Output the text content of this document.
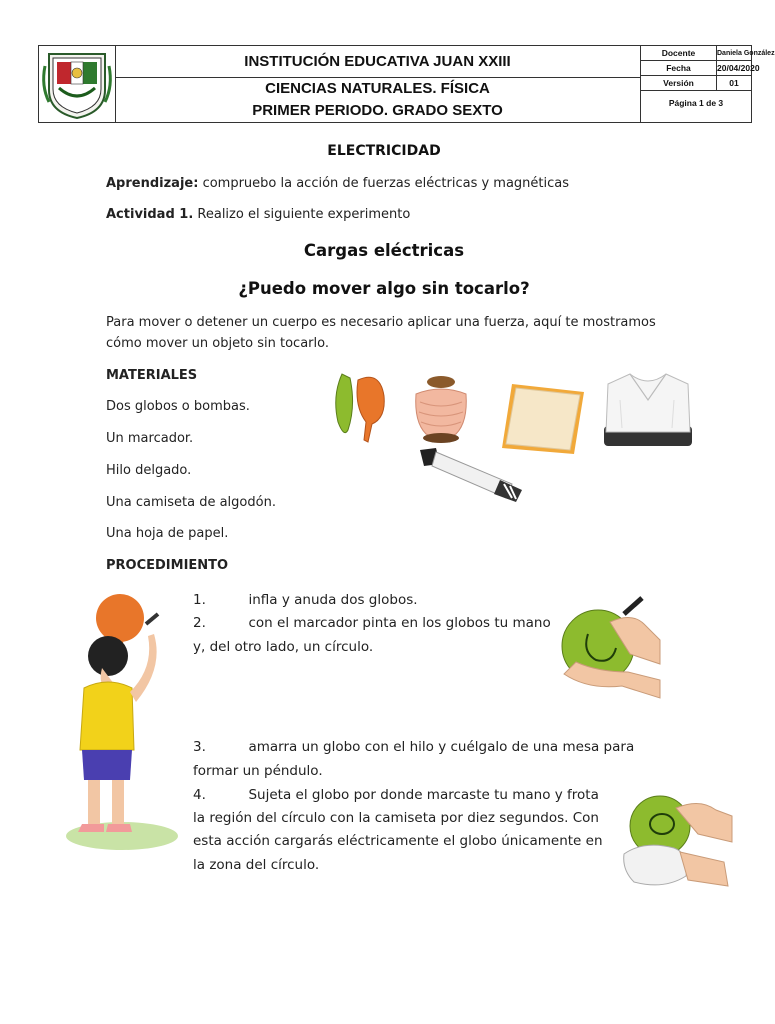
INSTITUCIÓN EDUCATIVA JUAN XXIII
CIENCIAS NATURALES. FÍSICA
PRIMER PERIODO. GRADO SEXTO
Docente	Daniela González
Fecha	20/04/2020
Versión	01
Página 1 de 3
ELECTRICIDAD
Aprendizaje: compruebo la acción de fuerzas eléctricas y magnéticas
Actividad 1. Realizo el siguiente experimento
Cargas eléctricas
¿Puedo mover algo sin tocarlo?
Para mover o detener un cuerpo es necesario aplicar una fuerza, aquí te mostramos
cómo mover un objeto sin tocarlo.
MATERIALES
Dos globos o bombas.
Un marcador.
Hilo delgado.
Una camiseta de algodón.
Una hoja de papel.
PROCEDIMIENTO
1.	infla y anuda dos globos.
2.	con el marcador pinta en los globos tu mano
y, del otro lado, un círculo.
3.	amarra un globo con el hilo y cuélgalo de una mesa para
formar un péndulo.
4.	Sujeta el globo por donde marcaste tu mano y frota
la región del círculo con la camiseta por diez segundos. Con
esta acción cargarás eléctricamente el globo únicamente en
la zona del círculo.
